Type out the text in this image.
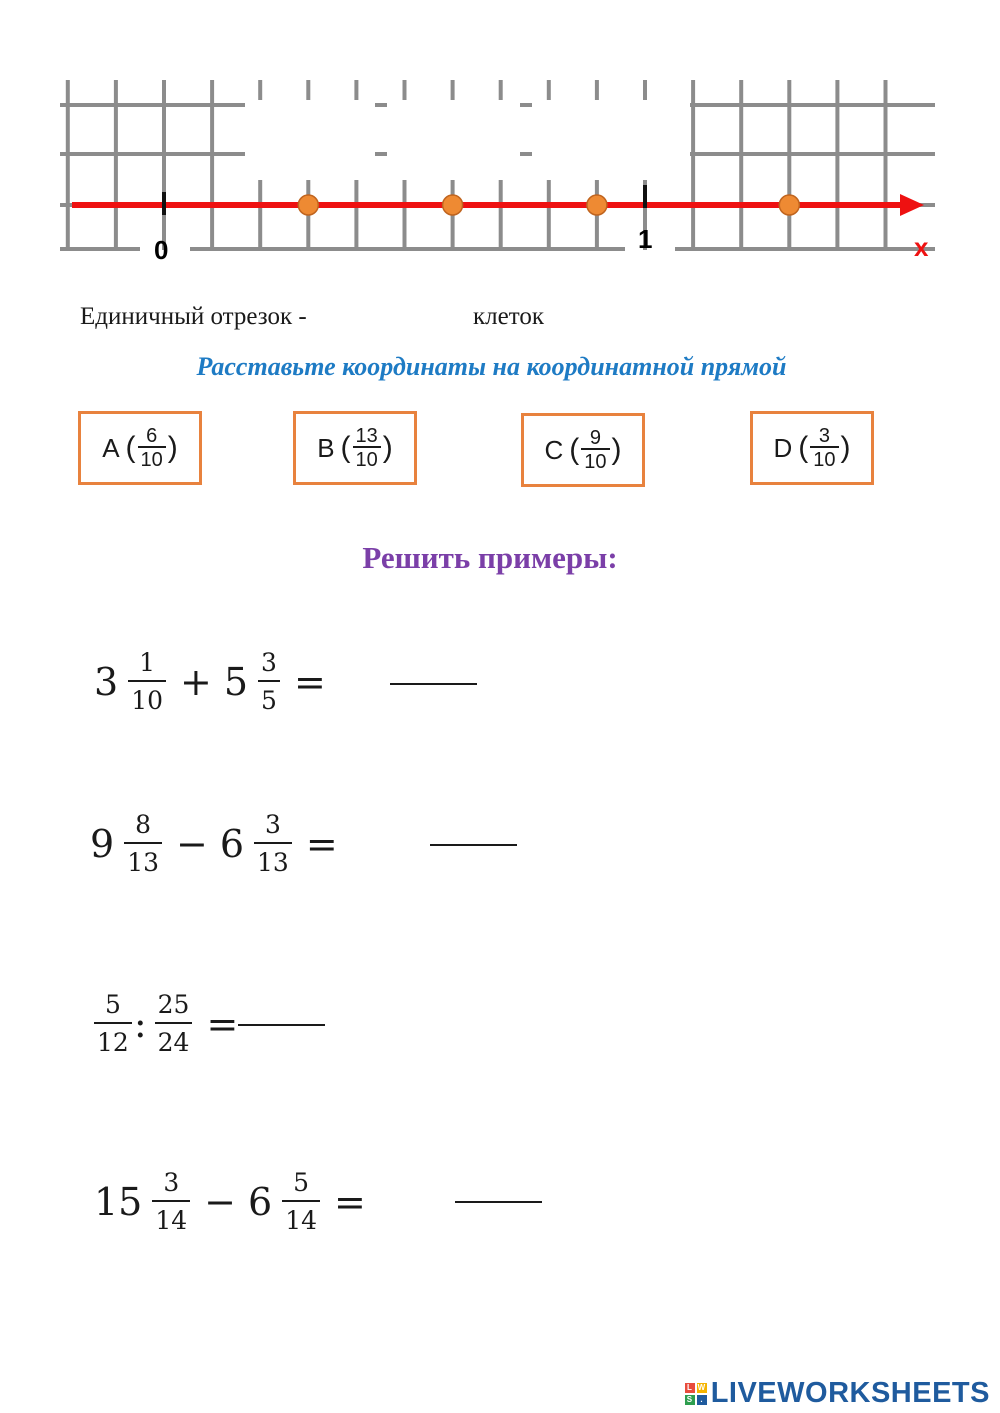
0	1	x
Единичный отрезок -	клеток
Расставьте координаты на координатной прямой
A ( $\frac{6}{10}$ )	B ( $\frac{13}{10}$ )	C ( $\frac{9}{10}$ )	D ( $\frac{3}{10}$ )
Решить примеры:
$3 \frac{1}{10} + 5 \frac{3}{5}$ =
$9 \frac{8}{13} - 6 \frac{3}{13}$ =
$\frac{5}{12}$ : $\frac{25}{24}$ =
$15 \frac{3}{14} - 6 \frac{5}{14}$ =
L W
S . LIVEWORKSHEETS
